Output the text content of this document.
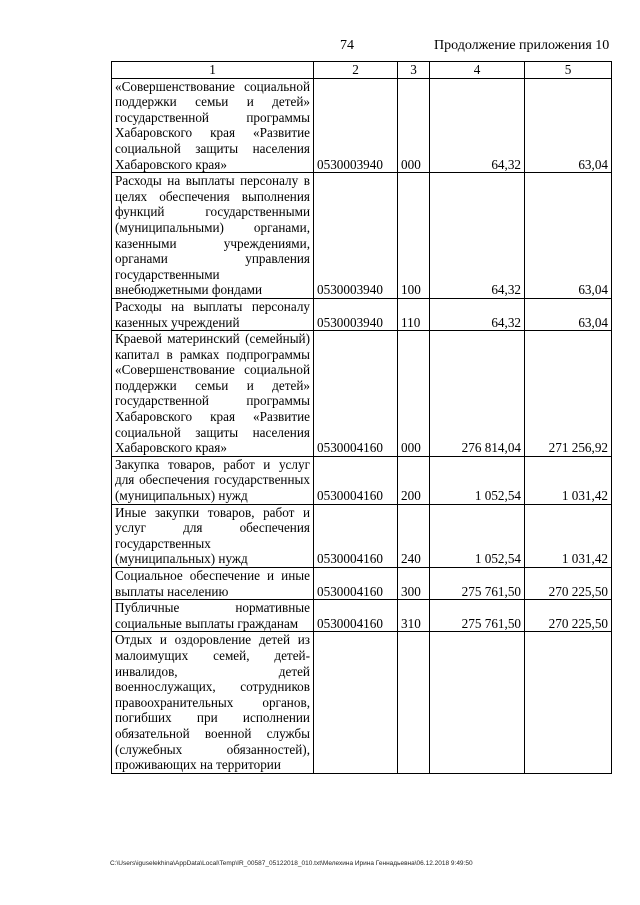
74	Продолжение приложения 10
1	2	3	4	5
«Совершенствование социальной поддержки семьи и детей» государственной программы Хабаровского края «Развитие социальной защиты населения Хабаровского края»	0530003940	000	64,32	63,04
Расходы на выплаты персоналу в целях обеспечения выполнения функций государственными (муниципальными) органами, казенными учреждениями, органами управления государственными внебюджетными фондами	0530003940	100	64,32	63,04
Расходы на выплаты персоналу казенных учреждений	0530003940	110	64,32	63,04
Краевой материнский (семейный) капитал в рамках подпрограммы «Совершенствование социальной поддержки семьи и детей» государственной программы Хабаровского края «Развитие социальной защиты населения Хабаровского края»	0530004160	000	276 814,04	271 256,92
Закупка товаров, работ и услуг для обеспечения государственных (муниципальных) нужд	0530004160	200	1 052,54	1 031,42
Иные закупки товаров, работ и услуг для обеспечения государственных (муниципальных) нужд	0530004160	240	1 052,54	1 031,42
Социальное обеспечение и иные выплаты населению	0530004160	300	275 761,50	270 225,50
Публичные нормативные социальные выплаты гражданам	0530004160	310	275 761,50	270 225,50
Отдых и оздоровление детей из малоимущих семей, детей-инвалидов, детей военнослужащих, сотрудников правоохранительных органов, погибших при исполнении обязательной военной службы (служебных обязанностей), проживающих на территории				
C:\Users\iguselekhina\AppData\Local\Temp\IR_00587_05122018_010.txt\Мелехина Ирина Геннадьевна\06.12.2018 9:49:50
